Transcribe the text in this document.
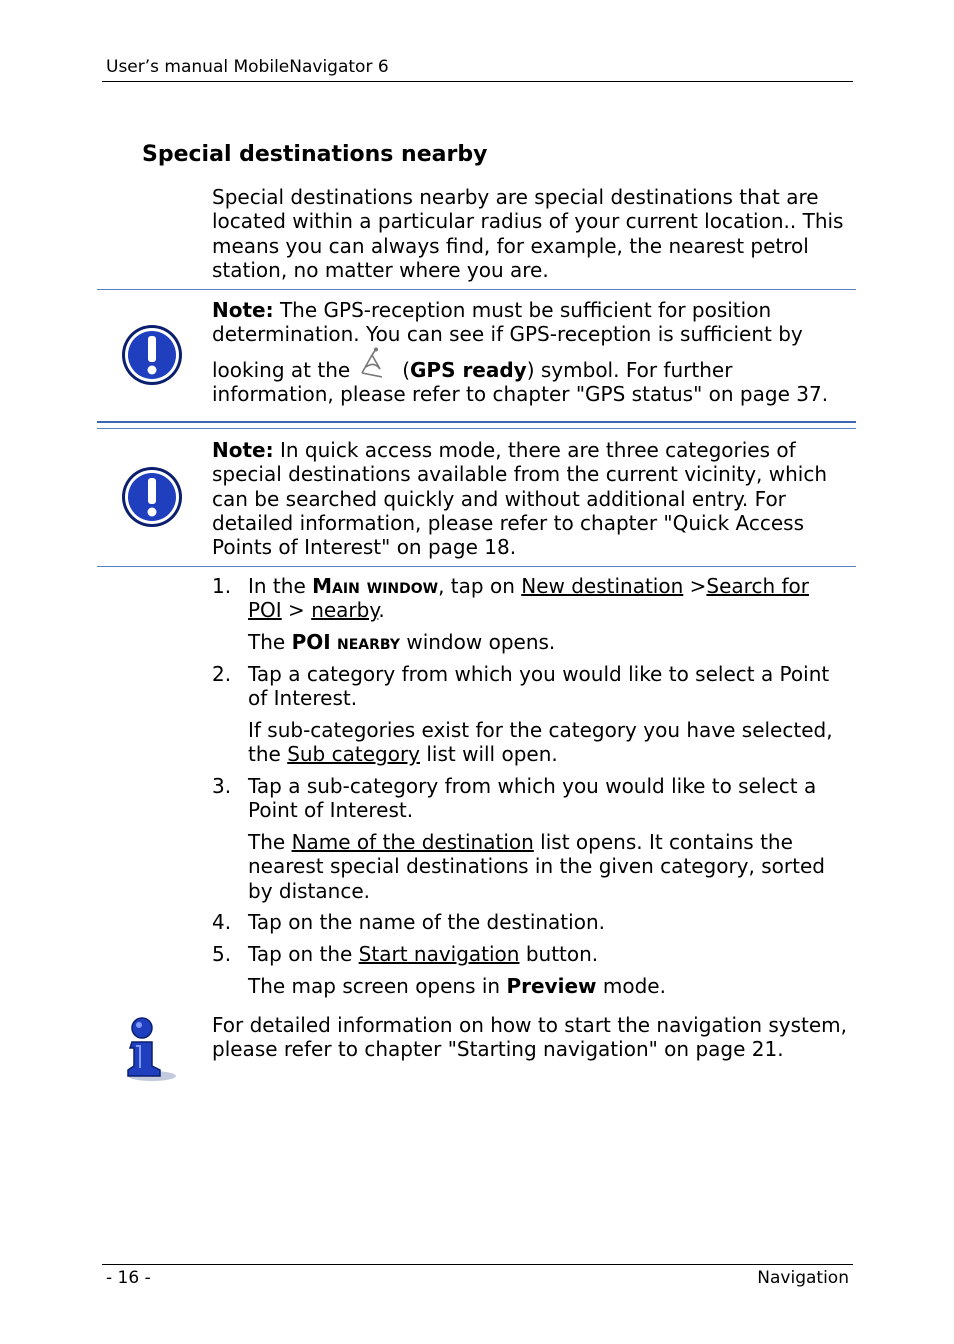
User’s manual MobileNavigator 6
Special destinations nearby
Special destinations nearby are special destinations that are located within a particular radius of your current location.. This means you can always find, for example, the nearest petrol station, no matter where you are.
Note: The GPS-reception must be sufficient for position determination. You can see if GPS-reception is sufficient by looking at the	(GPS ready) symbol. For further information, please refer to chapter "GPS status" on page 37.
Note: In quick access mode, there are three categories of special destinations available from the current vicinity, which can be searched quickly and without additional entry. For detailed information, please refer to chapter "Quick Access Points of Interest" on page 18.
1. In the Main window, tap on New destination >Search for POI > nearby.
The POI nearby window opens.
2. Tap a category from which you would like to select a Point of Interest.
If sub-categories exist for the category you have selected, the Sub category list will open.
3. Tap a sub-category from which you would like to select a Point of Interest.
The Name of the destination list opens. It contains the nearest special destinations in the given category, sorted by distance.
4. Tap on the name of the destination.
5. Tap on the Start navigation button.
The map screen opens in Preview mode.
For detailed information on how to start the navigation system, please refer to chapter "Starting navigation" on page 21.
- 16 -	Navigation
